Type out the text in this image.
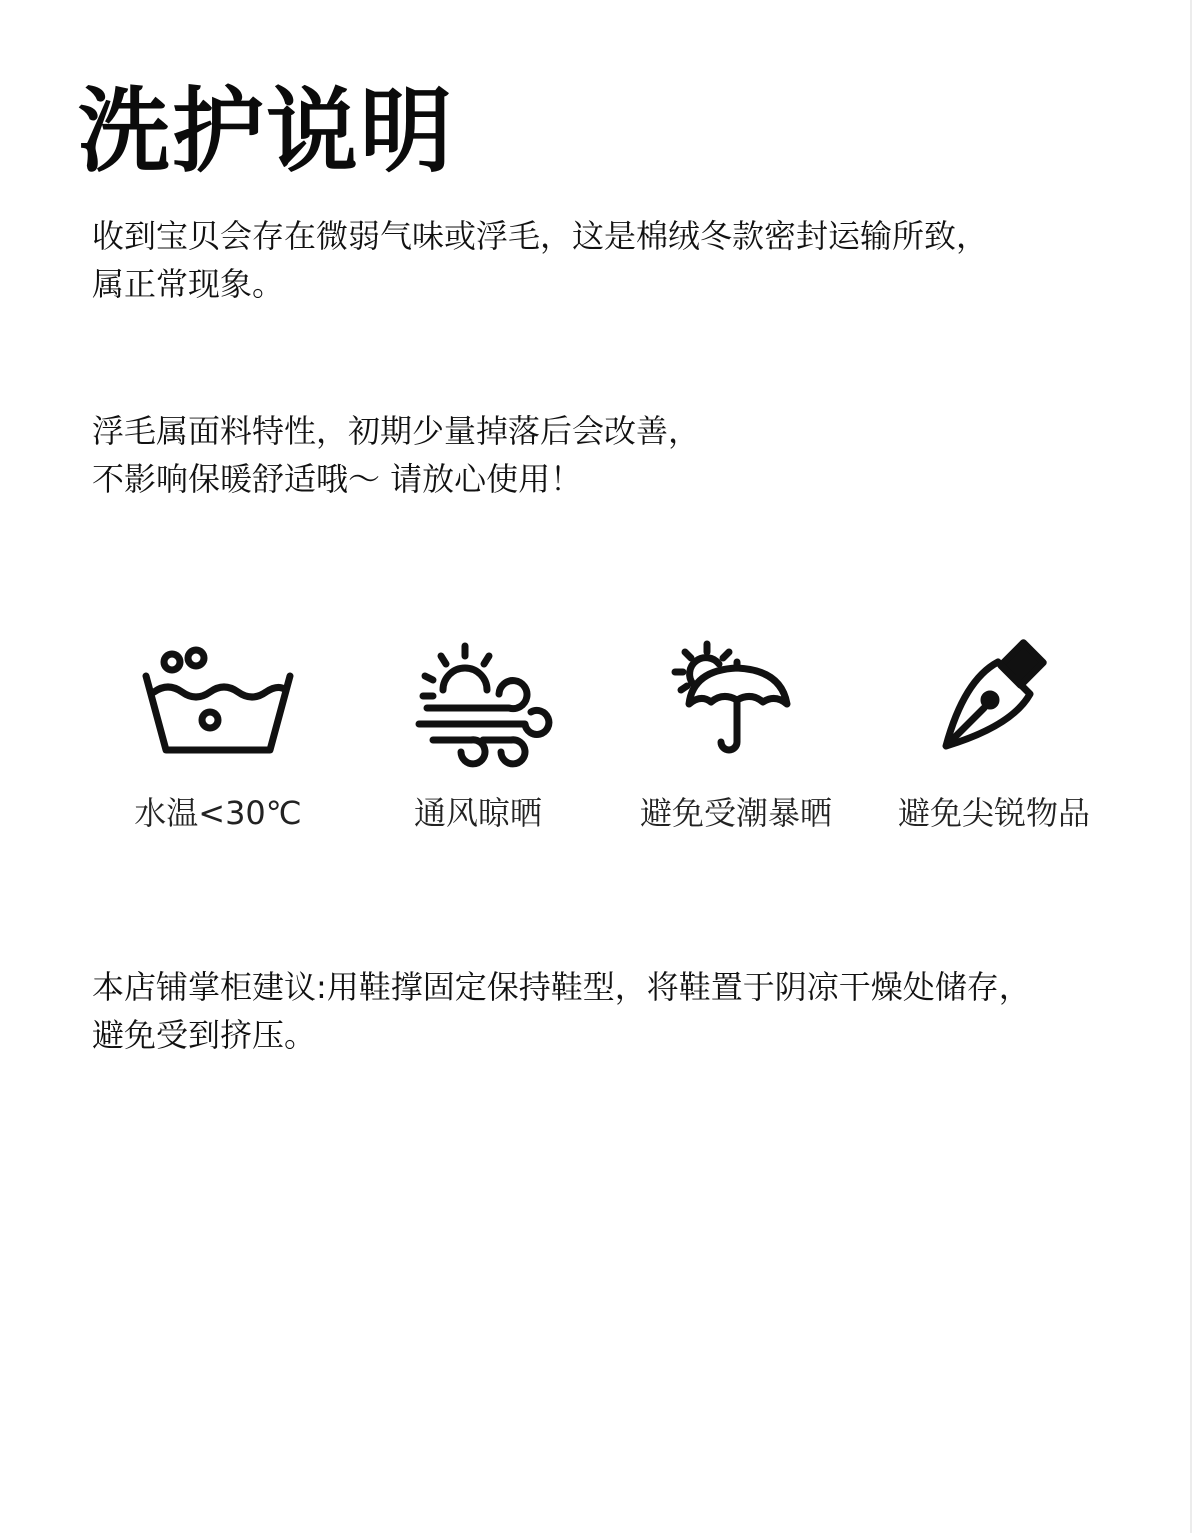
洗护说明

收到宝贝会存在微弱气味或浮毛，这是棉绒冬款密封运输所致，
属正常现象。

浮毛属面料特性，初期少量掉落后会改善，
不影响保暖舒适哦～ 请放心使用！

水温<30℃	通风晾晒	避免受潮暴晒	避免尖锐物品

本店铺掌柜建议:用鞋撑固定保持鞋型，将鞋置于阴凉干燥处储存，
避免受到挤压。
